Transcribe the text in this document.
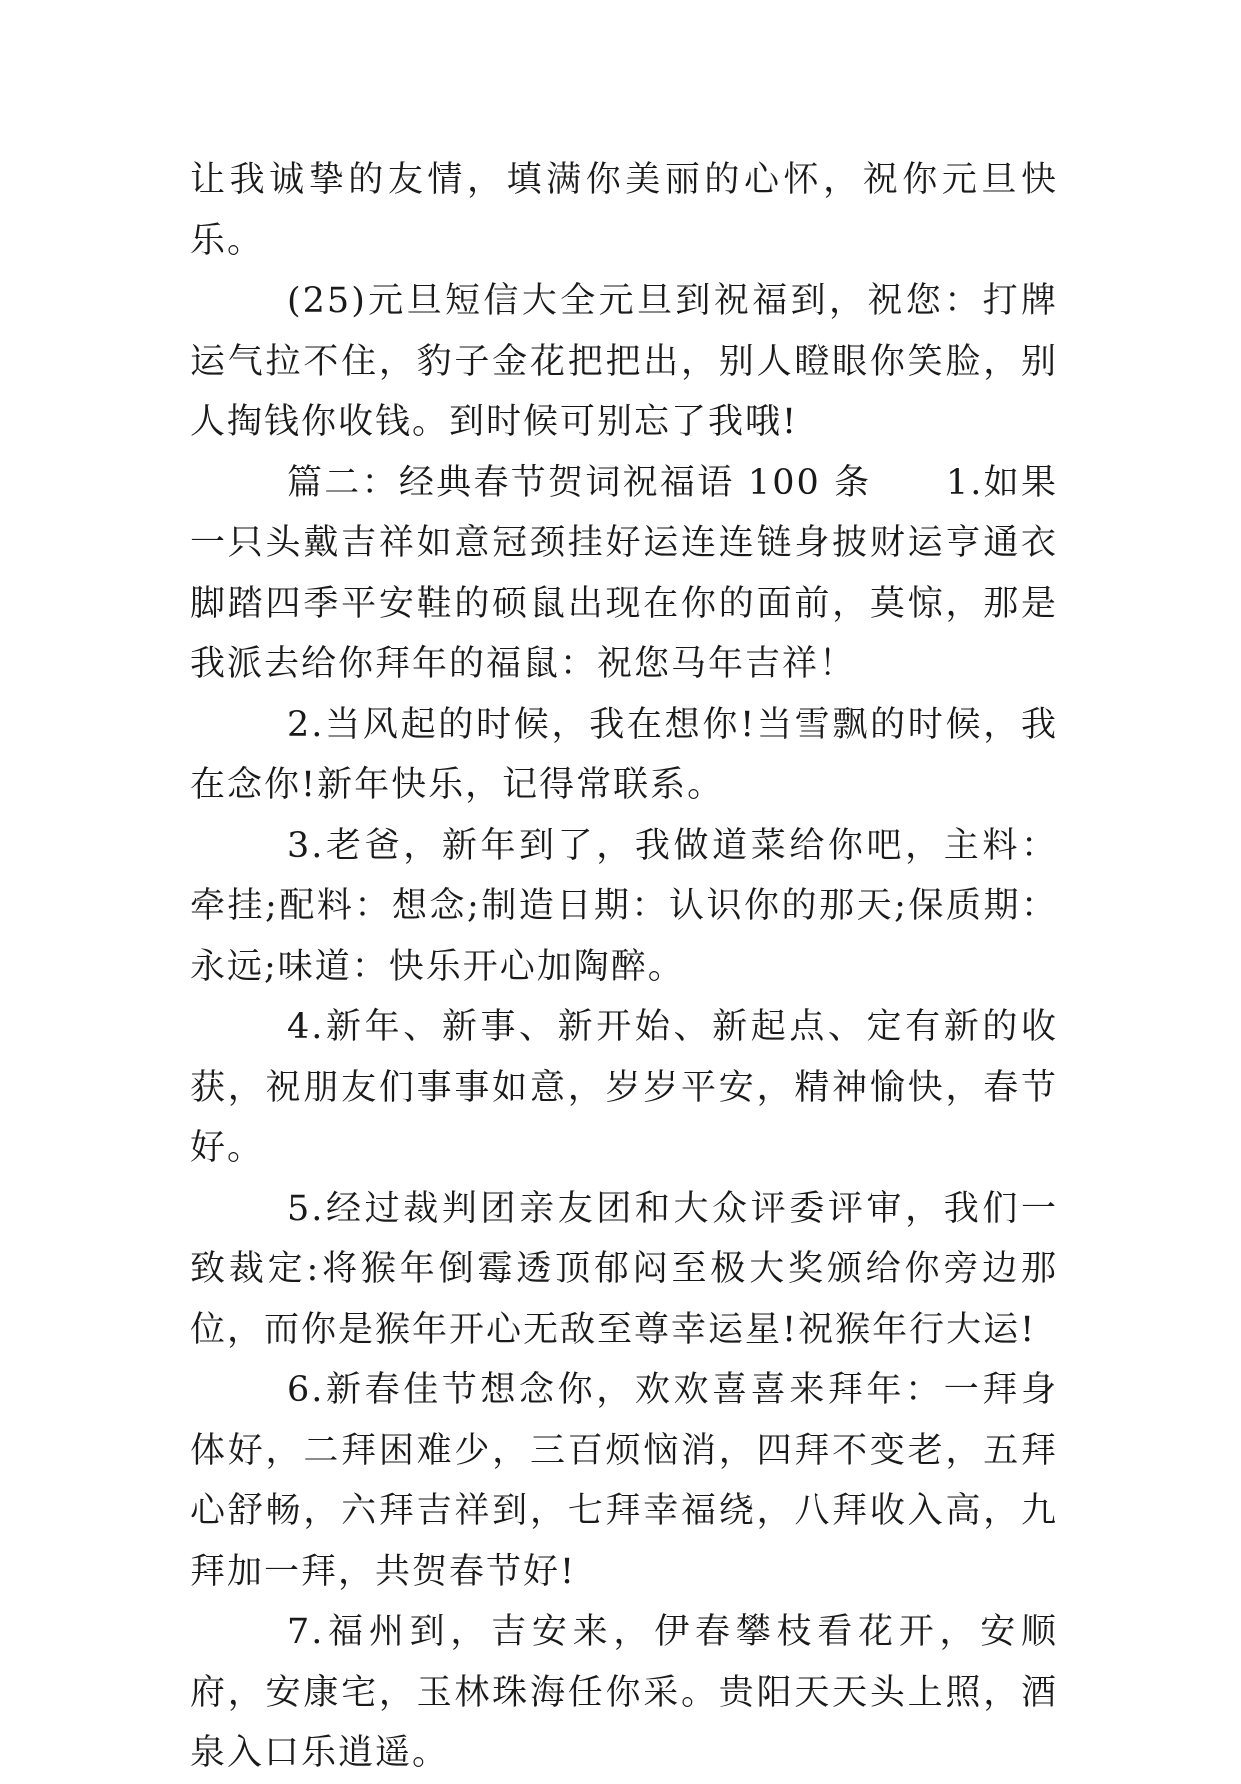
让我诚挚的友情，填满你美丽的心怀，祝你元旦快乐。

(25)元旦短信大全元旦到祝福到，祝您：打牌运气拉不住，豹子金花把把出，别人瞪眼你笑脸，别人掏钱你收钱。到时候可别忘了我哦!

篇二：经典春节贺词祝福语 100 条　　1.如果一只头戴吉祥如意冠颈挂好运连连链身披财运亨通衣脚踏四季平安鞋的硕鼠出现在你的面前，莫惊，那是我派去给你拜年的福鼠：祝您马年吉祥！

2.当风起的时候，我在想你!当雪飘的时候，我在念你!新年快乐，记得常联系。

3.老爸，新年到了，我做道菜给你吧，主料：牵挂;配料：想念;制造日期：认识你的那天;保质期：永远;味道：快乐开心加陶醉。

4.新年、新事、新开始、新起点、定有新的收获，祝朋友们事事如意，岁岁平安，精神愉快，春节好。

5.经过裁判团亲友团和大众评委评审，我们一致裁定:将猴年倒霉透顶郁闷至极大奖颁给你旁边那位，而你是猴年开心无敌至尊幸运星!祝猴年行大运!

6.新春佳节想念你，欢欢喜喜来拜年：一拜身体好，二拜困难少，三百烦恼消，四拜不变老，五拜心舒畅，六拜吉祥到，七拜幸福绕，八拜收入高，九拜加一拜，共贺春节好!

7.福州到，吉安来，伊春攀枝看花开，安顺府，安康宅，玉林珠海任你采。贵阳天天头上照，酒泉入口乐逍遥。
